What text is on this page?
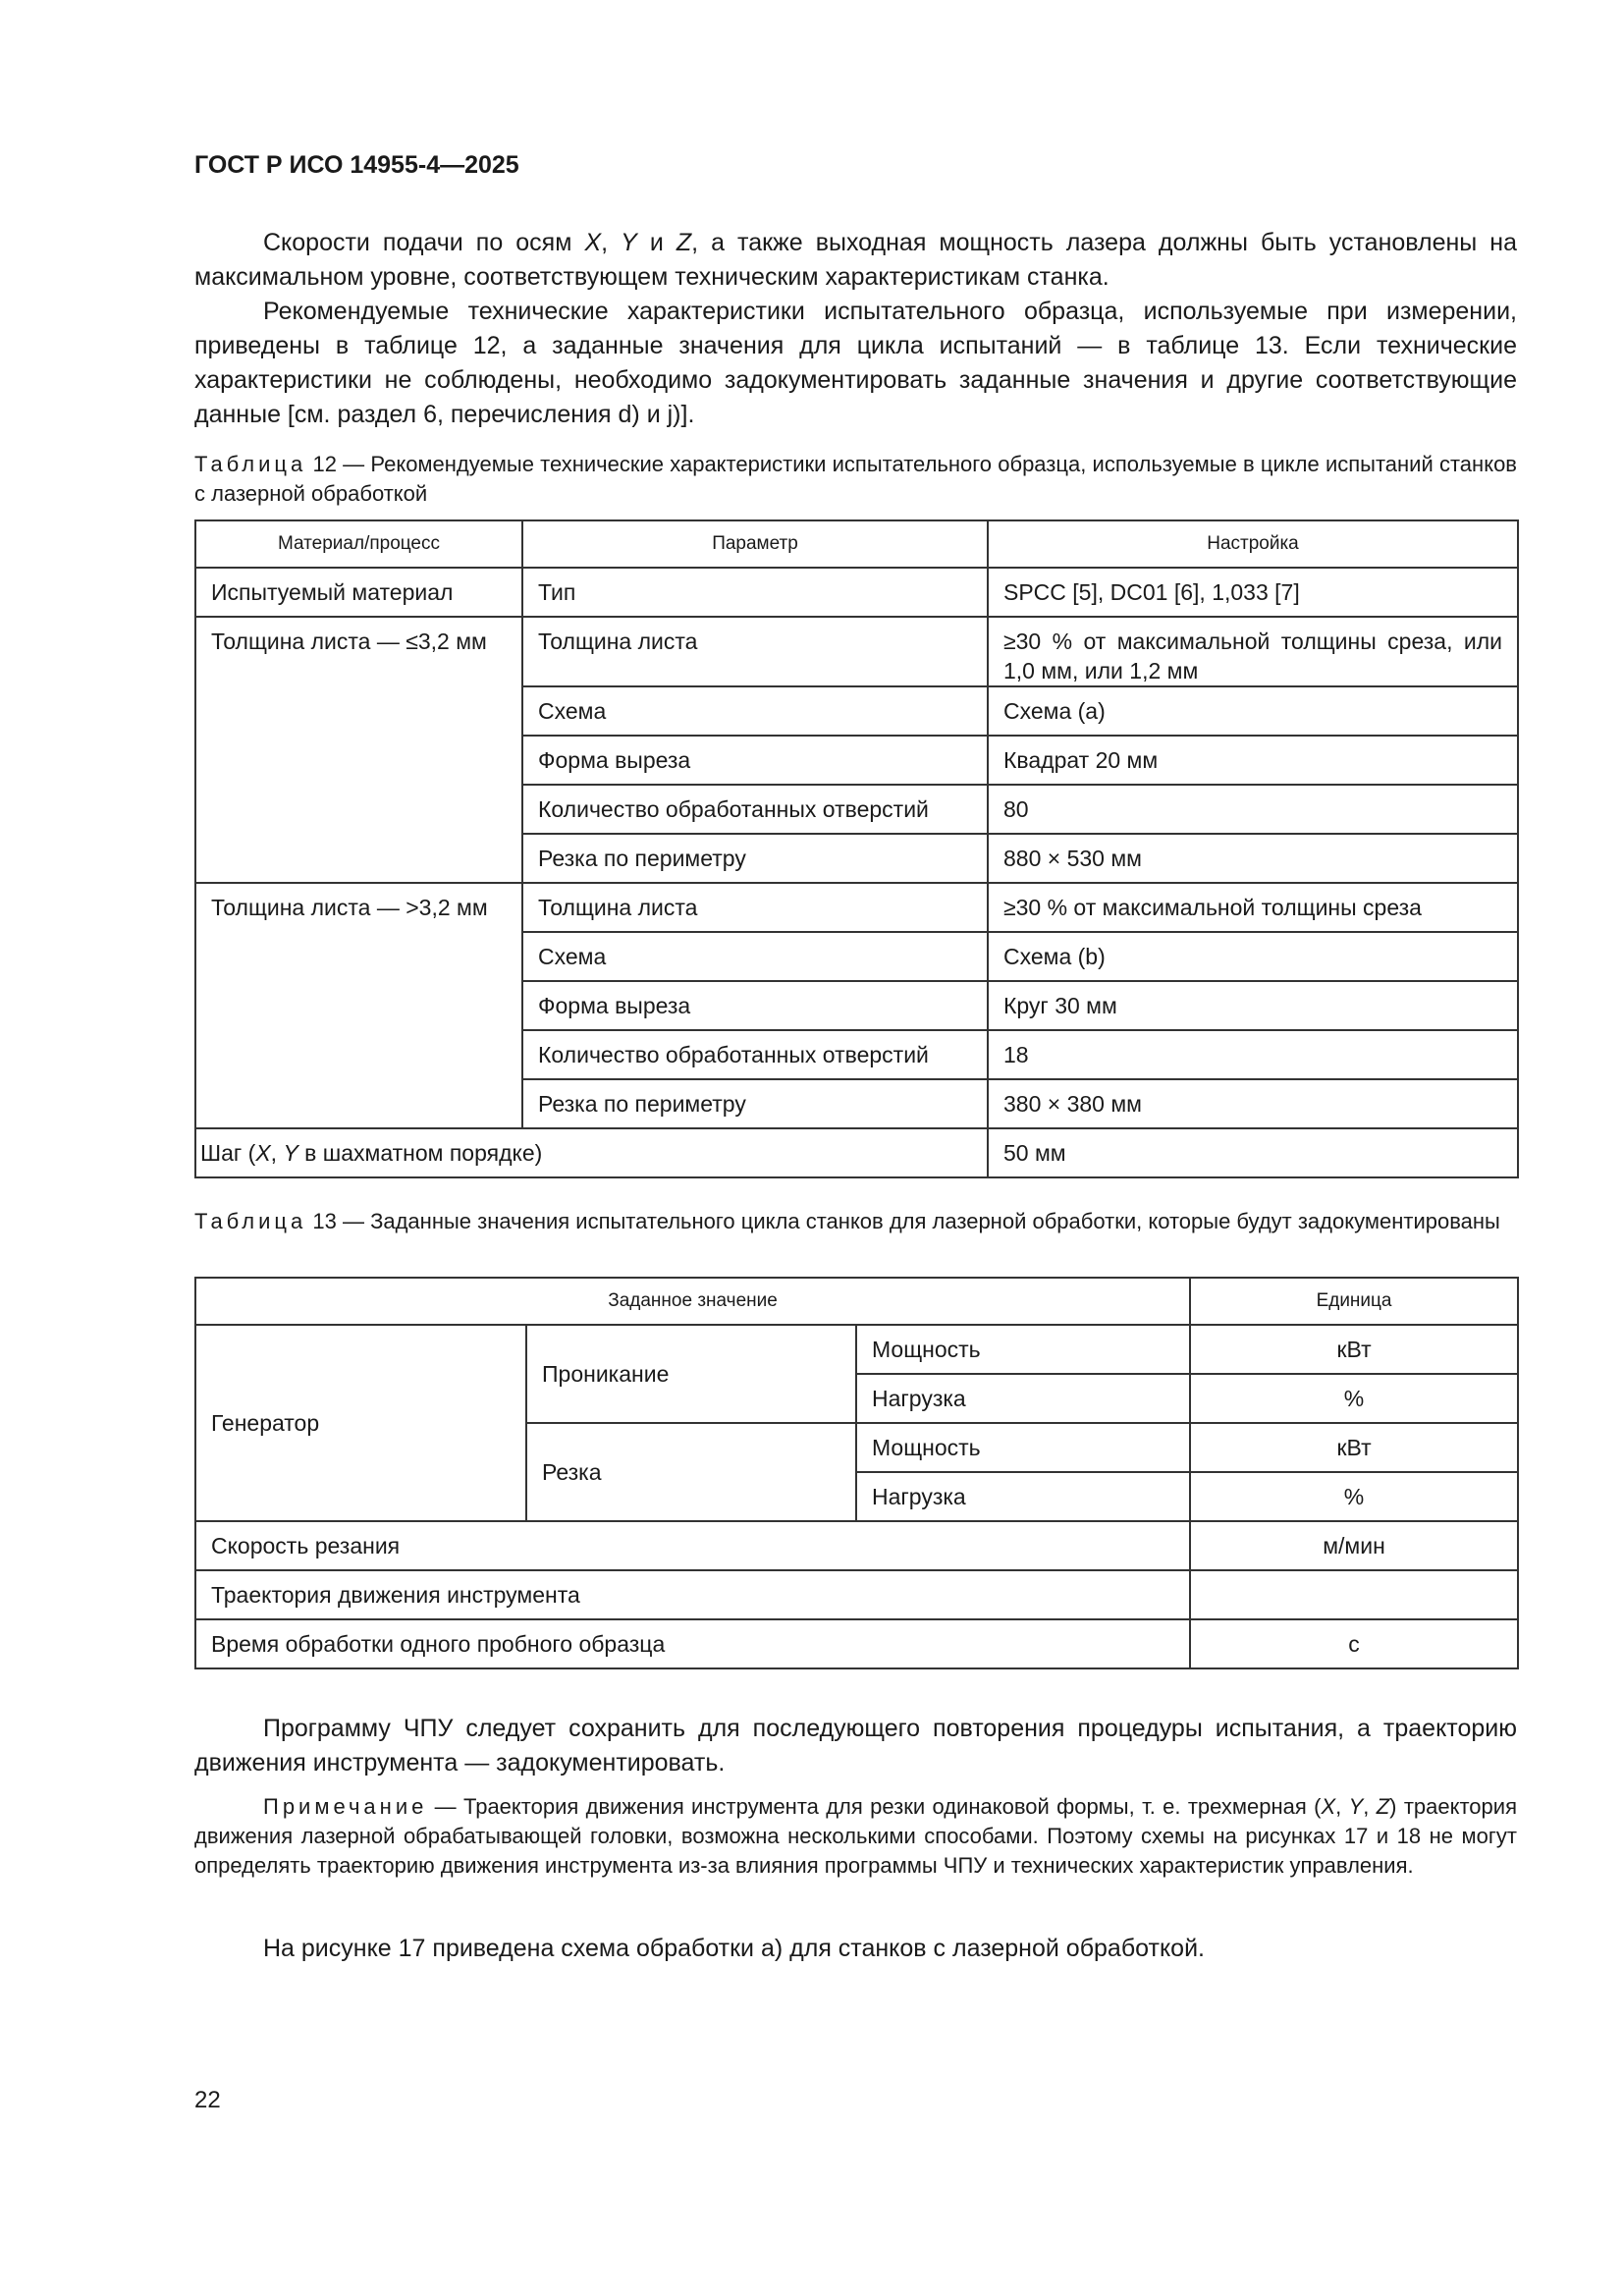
ГОСТ Р ИСО 14955-4—2025
Скорости подачи по осям X, Y и Z, а также выходная мощность лазера должны быть установлены на максимальном уровне, соответствующем техническим характеристикам станка.
Рекомендуемые технические характеристики испытательного образца, используемые при измерении, приведены в таблице 12, а заданные значения для цикла испытаний — в таблице 13. Если технические характеристики не соблюдены, необходимо задокументировать заданные значения и другие соответствующие данные [см. раздел 6, перечисления d) и j)].
Таблица 12 — Рекомендуемые технические характеристики испытательного образца, используемые в цикле испытаний станков с лазерной обработкой
Материал/процесс	Параметр	Настройка
Испытуемый материал	Тип	SPCC [5], DC01 [6], 1,033 [7]
Толщина листа — ≤3,2 мм	Толщина листа	≥30 % от максимальной толщины среза, или 1,0 мм, или 1,2 мм
	Схема	Схема (a)
	Форма выреза	Квадрат 20 мм
	Количество обработанных отверстий	80
	Резка по периметру	880 × 530 мм
Толщина листа — >3,2 мм	Толщина листа	≥30 % от максимальной толщины среза
	Схема	Схема (b)
	Форма выреза	Круг 30 мм
	Количество обработанных отверстий	18
	Резка по периметру	380 × 380 мм
Шаг (X, Y в шахматном порядке)		50 мм
Таблица 13 — Заданные значения испытательного цикла станков для лазерной обработки, которые будут задокументированы
Заданное значение			Единица
Генератор	Проникание	Мощность	кВт
		Нагрузка	%
	Резка	Мощность	кВт
		Нагрузка	%
Скорость резания			м/мин
Траектория движения инструмента			
Время обработки одного пробного образца			с
Программу ЧПУ следует сохранить для последующего повторения процедуры испытания, а траекторию движения инструмента — задокументировать.
Примечание — Траектория движения инструмента для резки одинаковой формы, т. е. трехмерная (X, Y, Z) траектория движения лазерной обрабатывающей головки, возможна несколькими способами. Поэтому схемы на рисунках 17 и 18 не могут определять траекторию движения инструмента из-за влияния программы ЧПУ и технических характеристик управления.
На рисунке 17 приведена схема обработки a) для станков с лазерной обработкой.
22
